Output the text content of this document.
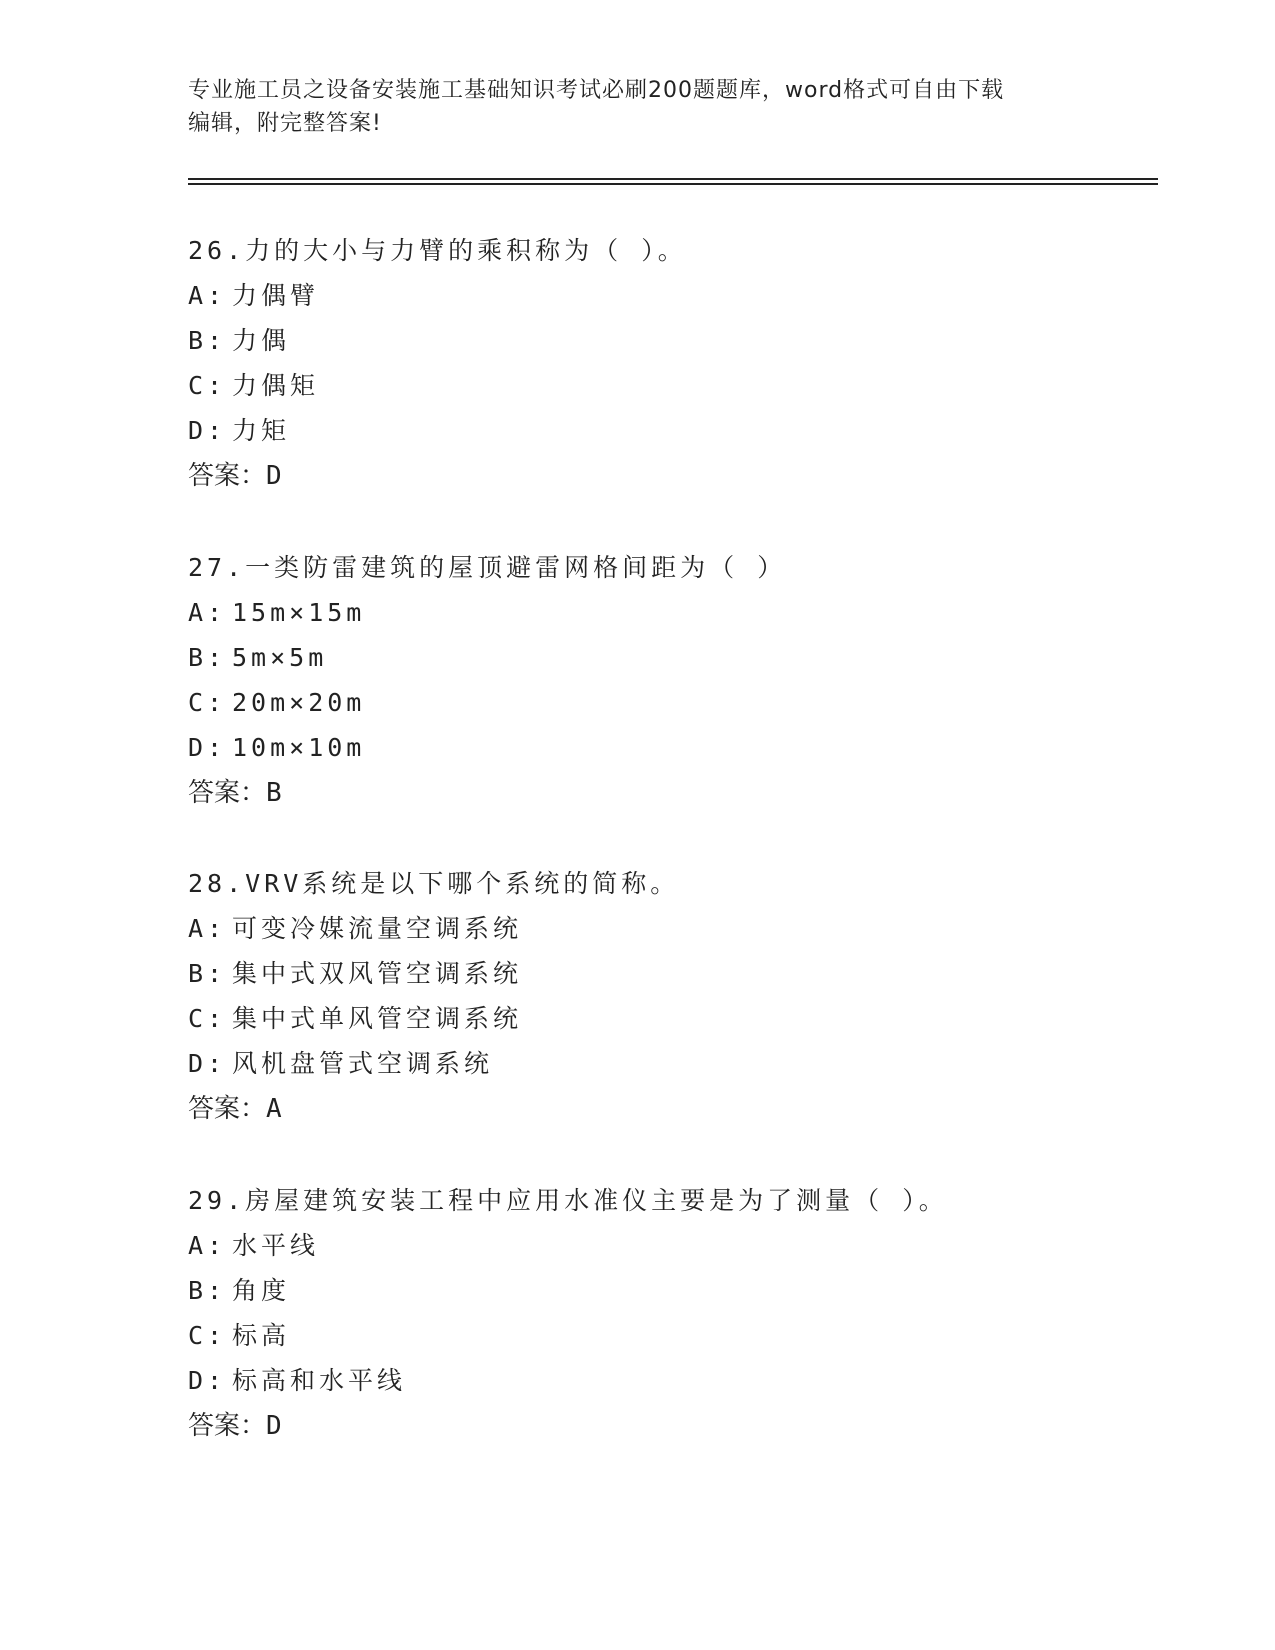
专业施工员之设备安装施工基础知识考试必刷200题题库，word格式可自由下载
编辑，附完整答案!
26.力的大小与力臂的乘积称为（ ）。
A: 力偶臂
B: 力偶
C: 力偶矩
D: 力矩
答案：D
27.一类防雷建筑的屋顶避雷网格间距为（ ）
A: 15m×15m
B: 5m×5m
C: 20m×20m
D: 10m×10m
答案：B
28.VRV系统是以下哪个系统的简称。
A: 可变冷媒流量空调系统
B: 集中式双风管空调系统
C: 集中式单风管空调系统
D: 风机盘管式空调系统
答案：A
29.房屋建筑安装工程中应用水准仪主要是为了测量（ ）。
A: 水平线
B: 角度
C: 标高
D: 标高和水平线
答案：D
